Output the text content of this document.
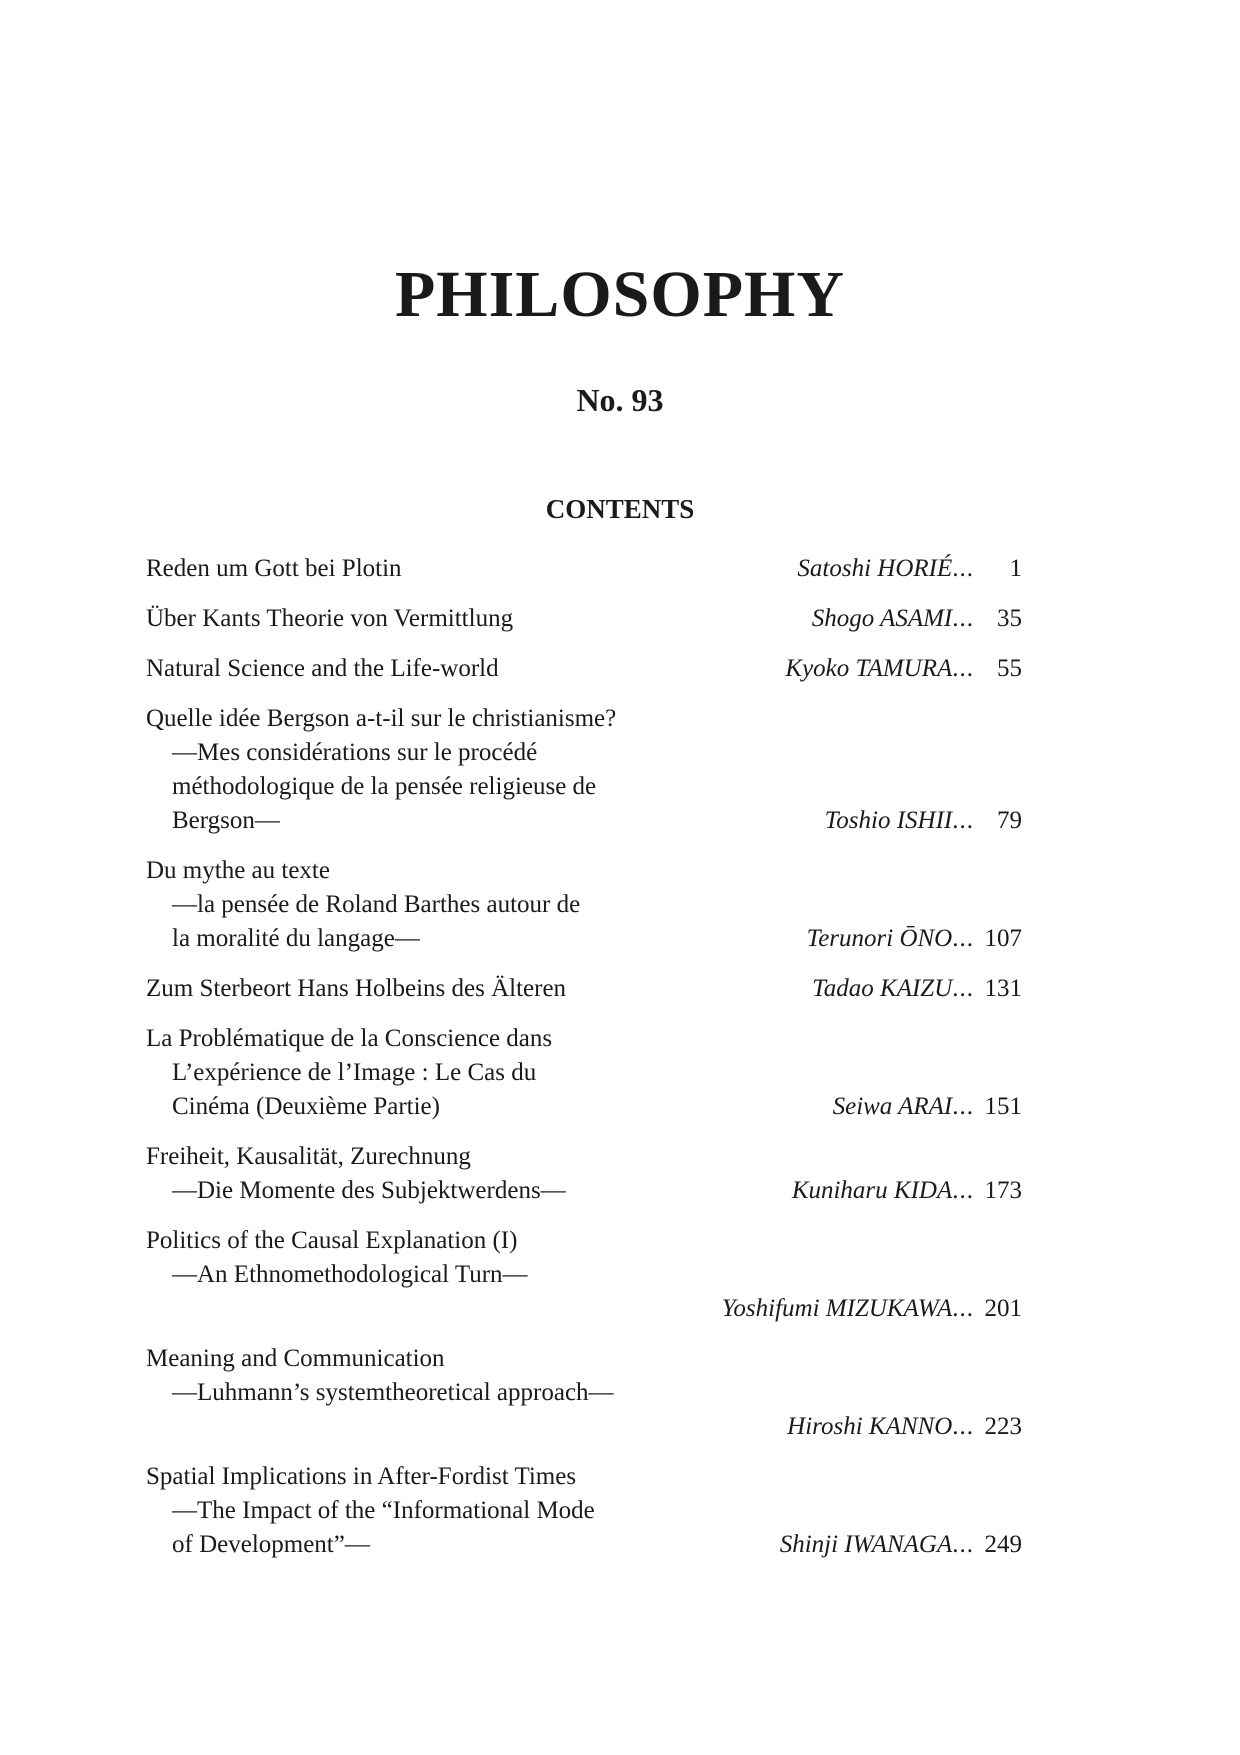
PHILOSOPHY
No. 93
CONTENTS
Reden um Gott bei Plotin	Satoshi HORIÉ... 1
Über Kants Theorie von Vermittlung	Shogo ASAMI... 35
Natural Science and the Life-world	Kyoko TAMURA... 55
Quelle idée Bergson a-t-il sur le christianisme?
—Mes considérations sur le procédé
méthodologique de la pensée religieuse de
Bergson—	Toshio ISHII... 79
Du mythe au texte
—la pensée de Roland Barthes autour de
la moralité du langage—	Terunori ŌNO... 107
Zum Sterbeort Hans Holbeins des Älteren	Tadao KAIZU... 131
La Problématique de la Conscience dans
L’expérience de l’Image : Le Cas du
Cinéma (Deuxième Partie)	Seiwa ARAI... 151
Freiheit, Kausalität, Zurechnung
—Die Momente des Subjektwerdens—	Kuniharu KIDA... 173
Politics of the Causal Explanation (I)
—An Ethnomethodological Turn—
Yoshifumi MIZUKAWA... 201
Meaning and Communication
—Luhmann’s systemtheoretical approach—
Hiroshi KANNO... 223
Spatial Implications in After-Fordist Times
—The Impact of the “Informational Mode
of Development”—	Shinji IWANAGA... 249
